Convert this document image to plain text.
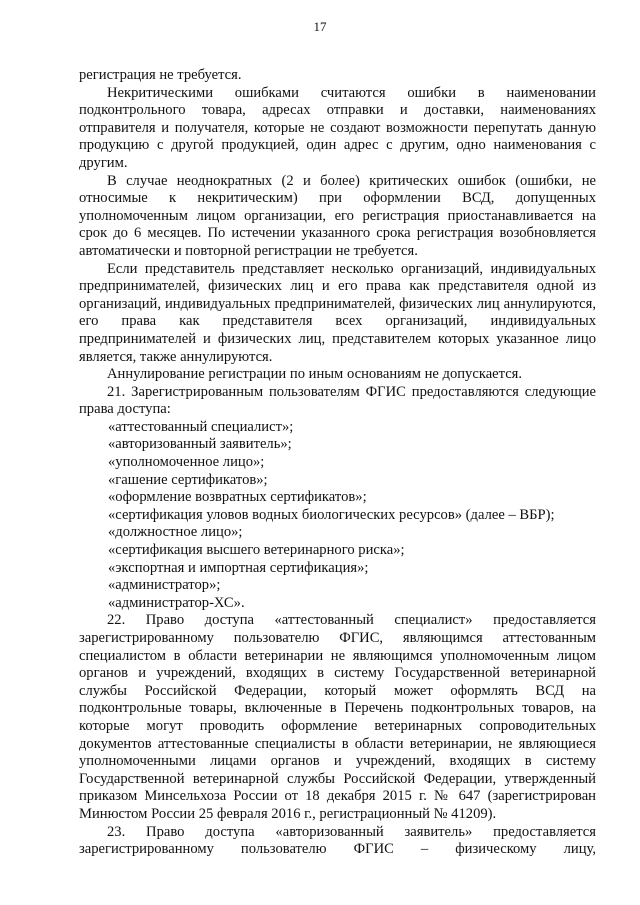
17

регистрация не требуется.

Некритическими ошибками считаются ошибки в наименовании подконтрольного товара, адресах отправки и доставки, наименованиях отправителя и получателя, которые не создают возможности перепутать данную продукцию с другой продукцией, один адрес с другим, одно наименования с другим.

В случае неоднократных (2 и более) критических ошибок (ошибки, не относимые к некритическим) при оформлении ВСД, допущенных уполномоченным лицом организации, его регистрация приостанавливается на срок до 6 месяцев. По истечении указанного срока регистрация возобновляется автоматически и повторной регистрации не требуется.

Если представитель представляет несколько организаций, индивидуальных предпринимателей, физических лиц и его права как представителя одной из организаций, индивидуальных предпринимателей, физических лиц аннулируются, его права как представителя всех организаций, индивидуальных предпринимателей и физических лиц, представителем которых указанное лицо является, также аннулируются.

Аннулирование регистрации по иным основаниям не допускается.

21. Зарегистрированным пользователям ФГИС предоставляются следующие права доступа:

«аттестованный специалист»;

«авторизованный заявитель»;

«уполномоченное лицо»;

«гашение сертификатов»;

«оформление возвратных сертификатов»;

«сертификация уловов водных биологических ресурсов» (далее – ВБР);

«должностное лицо»;

«сертификация высшего ветеринарного риска»;

«экспортная и импортная сертификация»;

«администратор»;

«администратор-ХС».

22. Право доступа «аттестованный специалист» предоставляется зарегистрированному пользователю ФГИС, являющимся аттестованным специалистом в области ветеринарии не являющимся уполномоченным лицом органов и учреждений, входящих в систему Государственной ветеринарной службы Российской Федерации, который может оформлять ВСД на подконтрольные товары, включенные в Перечень подконтрольных товаров, на которые могут проводить оформление ветеринарных сопроводительных документов аттестованные специалисты в области ветеринарии, не являющиеся уполномоченными лицами органов и учреждений, входящих в систему Государственной ветеринарной службы Российской Федерации, утвержденный приказом Минсельхоза России от 18 декабря 2015 г. № 647 (зарегистрирован Минюстом России 25 февраля 2016 г., регистрационный № 41209).

23. Право доступа «авторизованный заявитель» предоставляется зарегистрированному пользователю ФГИС – физическому лицу,
